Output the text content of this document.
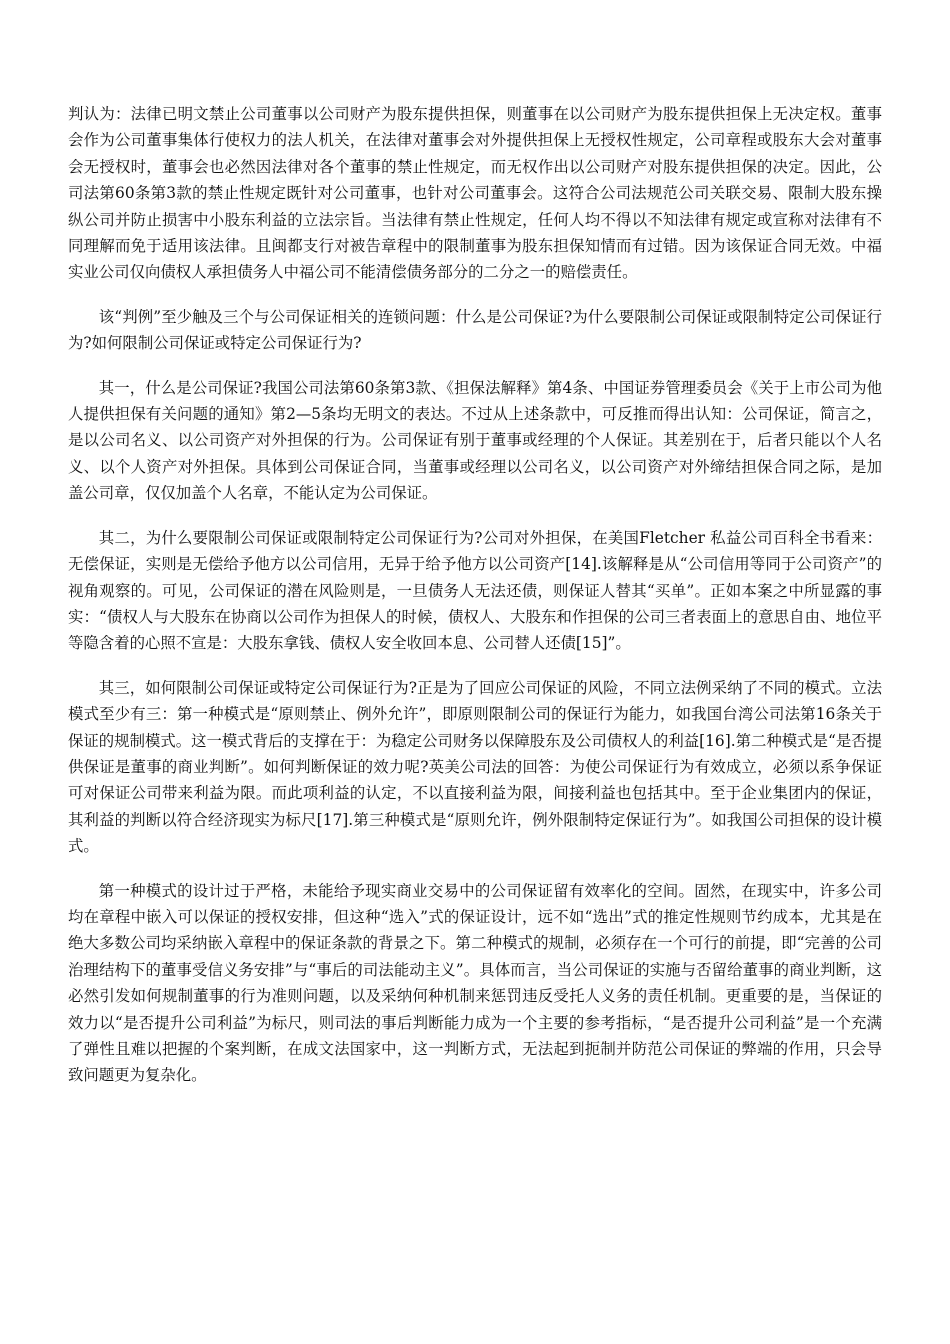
判认为：法律已明文禁止公司董事以公司财产为股东提供担保，则董事在以公司财产为股东提供担保上无决定权。董事会作为公司董事集体行使权力的法人机关，在法律对董事会对外提供担保上无授权性规定，公司章程或股东大会对董事会无授权时，董事会也必然因法律对各个董事的禁止性规定，而无权作出以公司财产对股东提供担保的决定。因此，公司法第60条第3款的禁止性规定既针对公司董事，也针对公司董事会。这符合公司法规范公司关联交易、限制大股东操纵公司并防止损害中小股东利益的立法宗旨。当法律有禁止性规定，任何人均不得以不知法律有规定或宣称对法律有不同理解而免于适用该法律。且闽都支行对被告章程中的限制董事为股东担保知情而有过错。因为该保证合同无效。中福实业公司仅向债权人承担债务人中福公司不能清偿债务部分的二分之一的赔偿责任。

该“判例”至少触及三个与公司保证相关的连锁问题：什么是公司保证?为什么要限制公司保证或限制特定公司保证行为?如何限制公司保证或特定公司保证行为?

其一，什么是公司保证?我国公司法第60条第3款、《担保法解释》第4条、中国证券管理委员会《关于上市公司为他人提供担保有关问题的通知》第2—5条均无明文的表达。不过从上述条款中，可反推而得出认知：公司保证，简言之，是以公司名义、以公司资产对外担保的行为。公司保证有别于董事或经理的个人保证。其差别在于，后者只能以个人名义、以个人资产对外担保。具体到公司保证合同，当董事或经理以公司名义，以公司资产对外缔结担保合同之际，是加盖公司章，仅仅加盖个人名章，不能认定为公司保证。

其二，为什么要限制公司保证或限制特定公司保证行为?公司对外担保，在美国Fletcher 私益公司百科全书看来：无偿保证，实则是无偿给予他方以公司信用，无异于给予他方以公司资产[14].该解释是从“公司信用等同于公司资产”的视角观察的。可见，公司保证的潜在风险则是，一旦债务人无法还债，则保证人替其“买单”。正如本案之中所显露的事实：“债权人与大股东在协商以公司作为担保人的时候，债权人、大股东和作担保的公司三者表面上的意思自由、地位平等隐含着的心照不宣是：大股东拿钱、债权人安全收回本息、公司替人还债[15]”。

其三，如何限制公司保证或特定公司保证行为?正是为了回应公司保证的风险，不同立法例采纳了不同的模式。立法模式至少有三：第一种模式是“原则禁止、例外允许”，即原则限制公司的保证行为能力，如我国台湾公司法第16条关于保证的规制模式。这一模式背后的支撑在于：为稳定公司财务以保障股东及公司债权人的利益[16].第二种模式是“是否提供保证是董事的商业判断”。如何判断保证的效力呢?英美公司法的回答：为使公司保证行为有效成立，必须以系争保证可对保证公司带来利益为限。而此项利益的认定，不以直接利益为限，间接利益也包括其中。至于企业集团内的保证，其利益的判断以符合经济现实为标尺[17].第三种模式是“原则允许，例外限制特定保证行为”。如我国公司担保的设计模式。

第一种模式的设计过于严格，未能给予现实商业交易中的公司保证留有效率化的空间。固然，在现实中，许多公司均在章程中嵌入可以保证的授权安排，但这种“选入”式的保证设计，远不如“选出”式的推定性规则节约成本，尤其是在绝大多数公司均采纳嵌入章程中的保证条款的背景之下。第二种模式的规制，必须存在一个可行的前提，即“完善的公司治理结构下的董事受信义务安排”与“事后的司法能动主义”。具体而言，当公司保证的实施与否留给董事的商业判断，这必然引发如何规制董事的行为准则问题，以及采纳何种机制来惩罚违反受托人义务的责任机制。更重要的是，当保证的效力以“是否提升公司利益”为标尺，则司法的事后判断能力成为一个主要的参考指标，“是否提升公司利益”是一个充满了弹性且难以把握的个案判断，在成文法国家中，这一判断方式，无法起到扼制并防范公司保证的弊端的作用，只会导致问题更为复杂化。
